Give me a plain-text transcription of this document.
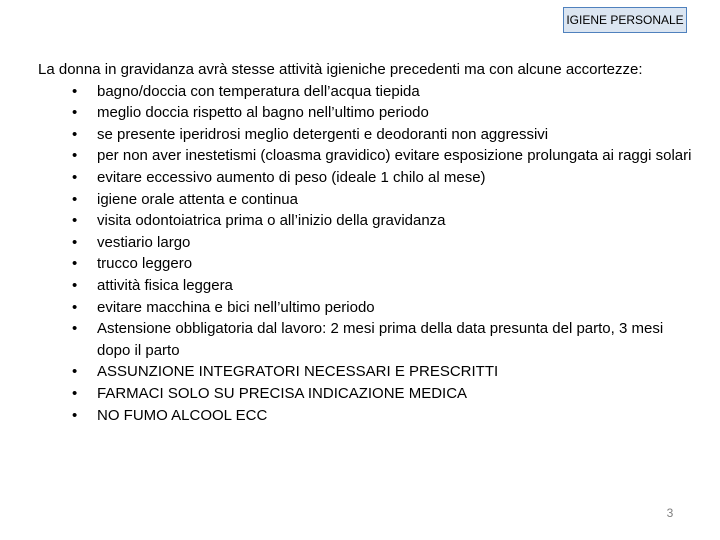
IGIENE PERSONALE

La donna in gravidanza avrà stesse attività igieniche precedenti ma con alcune accortezze:

• bagno/doccia con temperatura dell’acqua tiepida
• meglio doccia rispetto al bagno nell’ultimo periodo
• se presente iperidrosi meglio detergenti e deodoranti non aggressivi
• per non aver inestetismi (cloasma gravidico) evitare esposizione prolungata ai raggi solari
• evitare eccessivo aumento di peso (ideale 1 chilo al mese)
• igiene orale attenta e continua
• visita odontoiatrica prima o all’inizio della gravidanza
• vestiario largo
• trucco leggero
• attività fisica leggera
• evitare macchina e bici nell’ultimo periodo
• Astensione obbligatoria dal lavoro: 2 mesi prima della data presunta del parto, 3 mesi dopo il parto
• ASSUNZIONE INTEGRATORI NECESSARI E PRESCRITTI
• FARMACI SOLO SU PRECISA INDICAZIONE MEDICA
• NO FUMO ALCOOL ECC
3
